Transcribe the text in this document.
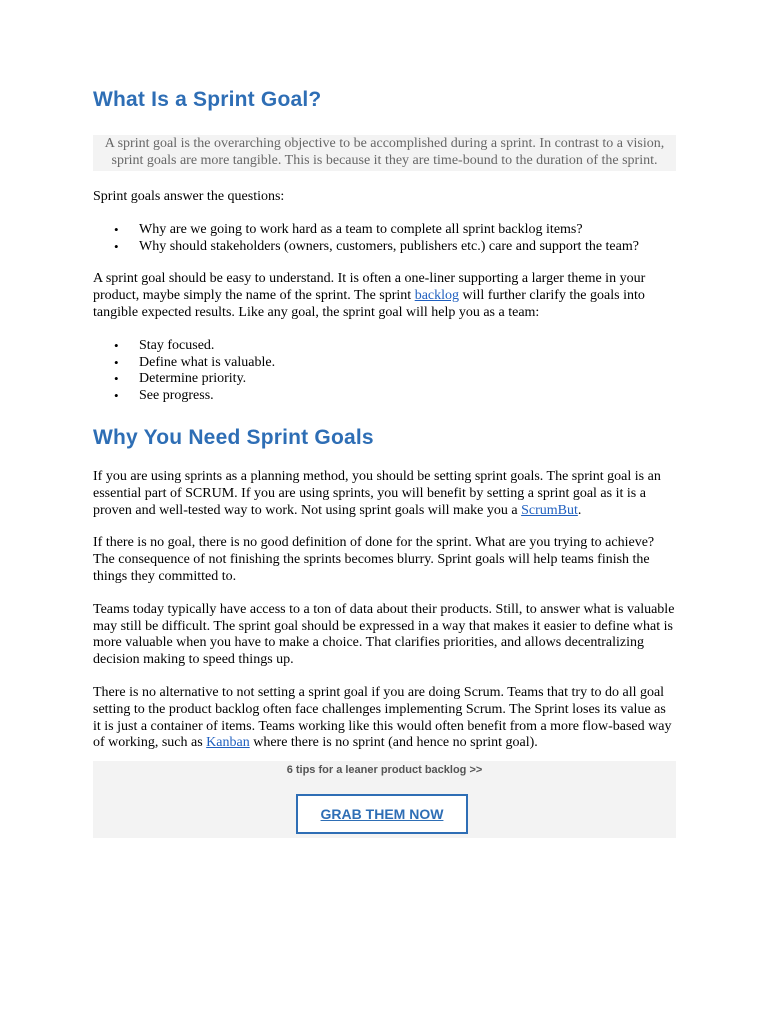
What Is a Sprint Goal?
A sprint goal is the overarching objective to be accomplished during a sprint. In contrast to a vision, sprint goals are more tangible. This is because it they are time-bound to the duration of the sprint.

Sprint goals answer the questions:

• Why are we going to work hard as a team to complete all sprint backlog items?
• Why should stakeholders (owners, customers, publishers etc.) care and support the team?

A sprint goal should be easy to understand. It is often a one-liner supporting a larger theme in your product, maybe simply the name of the sprint. The sprint backlog will further clarify the goals into tangible expected results. Like any goal, the sprint goal will help you as a team:

• Stay focused.
• Define what is valuable.
• Determine priority.
• See progress.
Why You Need Sprint Goals

If you are using sprints as a planning method, you should be setting sprint goals. The sprint goal is an essential part of SCRUM. If you are using sprints, you will benefit by setting a sprint goal as it is a proven and well-tested way to work. Not using sprint goals will make you a ScrumBut.

If there is no goal, there is no good definition of done for the sprint. What are you trying to achieve? The consequence of not finishing the sprints becomes blurry. Sprint goals will help teams finish the things they committed to.

Teams today typically have access to a ton of data about their products. Still, to answer what is valuable may still be difficult. The sprint goal should be expressed in a way that makes it easier to define what is more valuable when you have to make a choice. That clarifies priorities, and allows decentralizing decision making to speed things up.

There is no alternative to not setting a sprint goal if you are doing Scrum. Teams that try to do all goal setting to the product backlog often face challenges implementing Scrum. The Sprint loses its value as it is just a container of items. Teams working like this would often benefit from a more flow-based way of working, such as Kanban where there is no sprint (and hence no sprint goal).

6 tips for a leaner product backlog >>
GRAB THEM NOW
